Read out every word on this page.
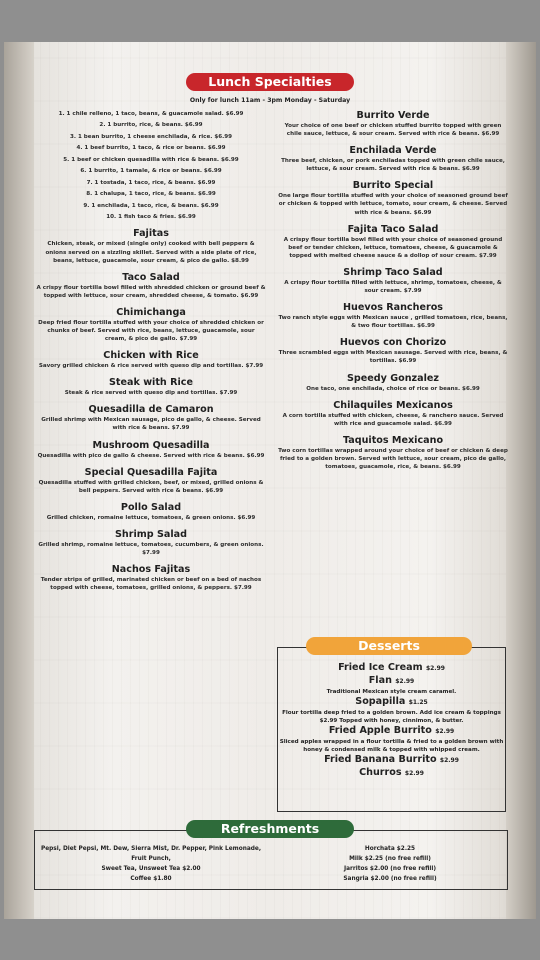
Lunch Specialties
Only for lunch 11am - 3pm Monday - Saturday
1. 1 chile relleno, 1 taco, beans, & guacamole salad. $6.99
2. 1 burrito, rice, & beans. $6.99
3. 1 bean burrito, 1 cheese enchilada, & rice. $6.99
4. 1 beef burrito, 1 taco, & rice or beans. $6.99
5. 1 beef or chicken quesadilla with rice & beans. $6.99
6. 1 burrito, 1 tamale, & rice or beans. $6.99
7. 1 tostada, 1 taco, rice, & beans. $6.99
8. 1 chalupa, 1 taco, rice, & beans. $6.99
9. 1 enchilada, 1 taco, rice, & beans. $6.99
10. 1 fish taco & fries. $6.99
Fajitas
Chicken, steak, or mixed (single only) cooked with bell peppers & onions served on a sizzling skillet. Served with a side plate of rice, beans, lettuce, guacamole, sour cream, & pico de gallo. $8.99
Taco Salad
A crispy flour tortilla bowl filled with shredded chicken or ground beef & topped with lettuce, sour cream, shredded cheese, & tomato. $6.99
Chimichanga
Deep fried flour tortilla stuffed with your choice of shredded chicken or chunks of beef. Served with rice, beans, lettuce, guacamole, sour cream, & pico de gallo. $7.99
Chicken with Rice
Savory grilled chicken & rice served with queso dip and tortillas. $7.99
Steak with Rice
Steak & rice served with queso dip and tortillas. $7.99
Quesadilla de Camaron
Grilled shrimp with Mexican sausage, pico de gallo, & cheese. Served with rice & beans. $7.99
Mushroom Quesadilla
Quesadilla with pico de gallo & cheese. Served with rice & beans. $6.99
Special Quesadilla Fajita
Quesadilla stuffed with grilled chicken, beef, or mixed, grilled onions & bell peppers. Served with rice & beans. $6.99
Pollo Salad
Grilled chicken, romaine lettuce, tomatoes, & green onions. $6.99
Shrimp Salad
Grilled shrimp, romaine lettuce, tomatoes, cucumbers, & green onions. $7.99
Nachos Fajitas
Tender strips of grilled, marinated chicken or beef on a bed of nachos topped with cheese, tomatoes, grilled onions, & peppers. $7.99
Burrito Verde
Your choice of one beef or chicken stuffed burrito topped with green chile sauce, lettuce, & sour cream. Served with rice & beans. $6.99
Enchilada Verde
Three beef, chicken, or pork enchiladas topped with green chile sauce, lettuce, & sour cream. Served with rice & beans. $6.99
Burrito Special
One large flour tortilla stuffed with your choice of seasoned ground beef or chicken & topped with lettuce, tomato, sour cream, & cheese. Served with rice & beans. $6.99
Fajita Taco Salad
A crispy flour tortilla bowl filled with your choice of seasoned ground beef or tender chicken, lettuce, tomatoes, cheese, & guacamole & topped with melted cheese sauce & a dollop of sour cream. $7.99
Shrimp Taco Salad
A crispy flour tortilla filled with lettuce, shrimp, tomatoes, cheese, & sour cream. $7.99
Huevos Rancheros
Two ranch style eggs with Mexican sauce , grilled tomatoes, rice, beans, & two flour tortillas. $6.99
Huevos con Chorizo
Three scrambled eggs with Mexican sausage. Served with rice, beans, & tortillas. $6.99
Speedy Gonzalez
One taco, one enchilada, choice of rice or beans. $6.99
Chilaquiles Mexicanos
A corn tortilla stuffed with chicken, cheese, & ranchero sauce. Served with rice and guacamole salad. $6.99
Taquitos Mexicano
Two corn tortillas wrapped around your choice of beef or chicken & deep fried to a golden brown. Served with lettuce, sour cream, pico de gallo, tomatoes, guacamole, rice, & beans. $6.99
Desserts
Fried Ice Cream $2.99
Flan $2.99
Traditional Mexican style cream caramel.
Sopapilla $1.25
Flour tortilla deep fried to a golden brown. Add ice cream & toppings $2.99 Topped with honey, cinnimon, & butter.
Fried Apple Burrito $2.99
Sliced apples wrapped in a flour tortilla & fried to a golden brown with honey & condensed milk & topped with whipped cream.
Fried Banana Burrito $2.99
Churros $2.99
Refreshments
Pepsi, Diet Pepsi, Mt. Dew, Sierra Mist, Dr. Pepper, Pink Lemonade, Fruit Punch,
Sweet Tea, Unsweet Tea $2.00
Coffee $1.80
Horchata $2.25
Milk $2.25 (no free refill)
Jarritos $2.00 (no free refill)
Sangria $2.00 (no free refill)
